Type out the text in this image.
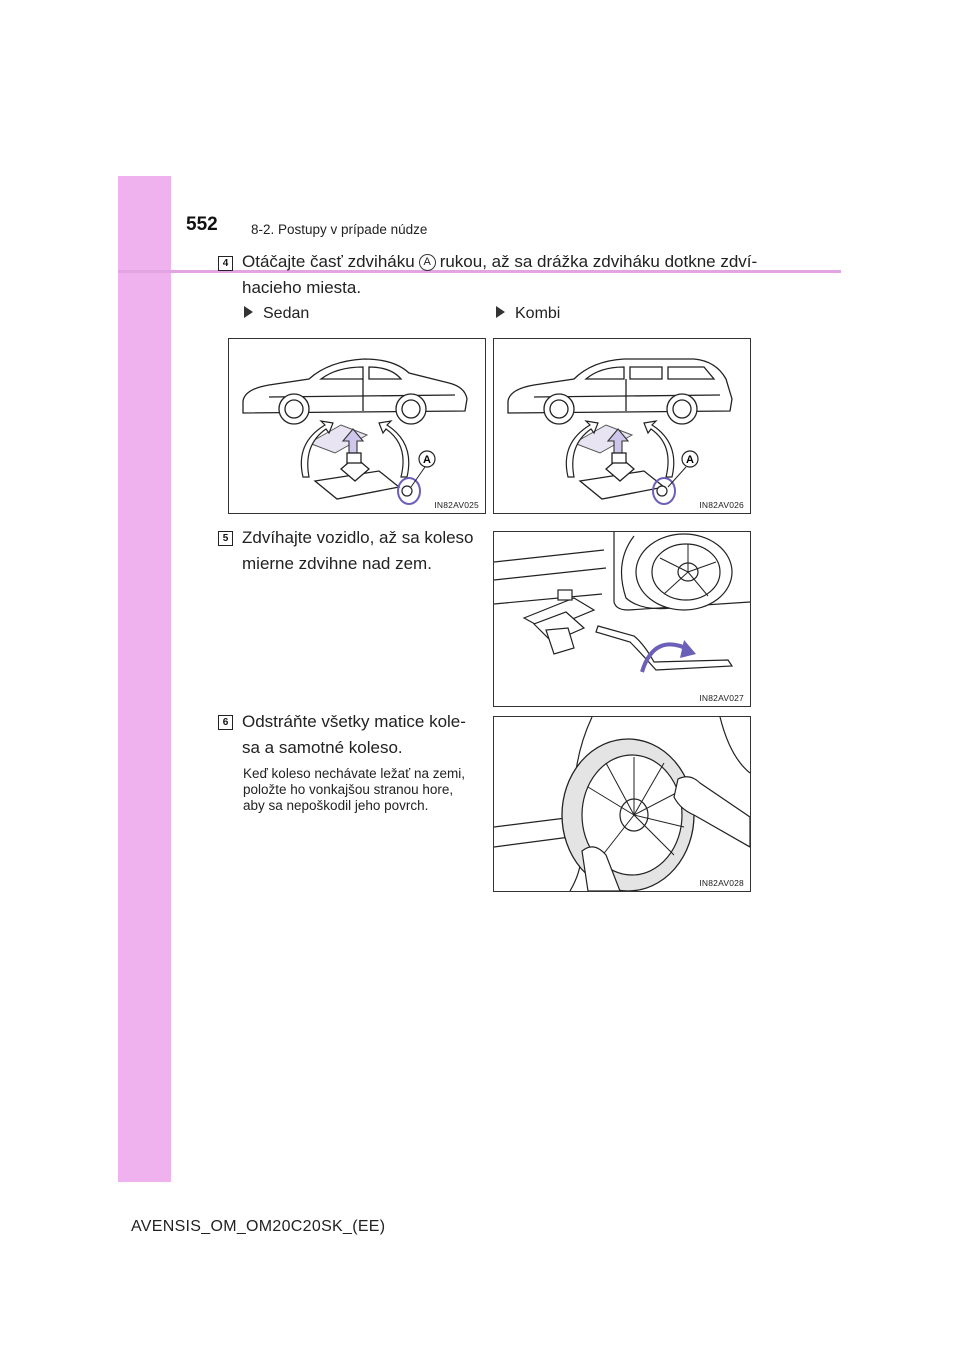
552 8-2. Postupy v prípade núdze
4 Otáčajte časť zdviháku A rukou, až sa drážka zdviháku dotkne zdví-
hacieho miesta.
Sedan	Kombi
A
IN82AV025
A
IN82AV026
5 Zdvíhajte vozidlo, až sa koleso
mierne zdvihne nad zem.
IN82AV027
6 Odstráňte všetky matice kole-
sa a samotné koleso.
Keď koleso nechávate ležať na zemi,
položte ho vonkajšou stranou hore,
aby sa nepoškodil jeho povrch.
IN82AV028
AVENSIS_OM_OM20C20SK_(EE)
